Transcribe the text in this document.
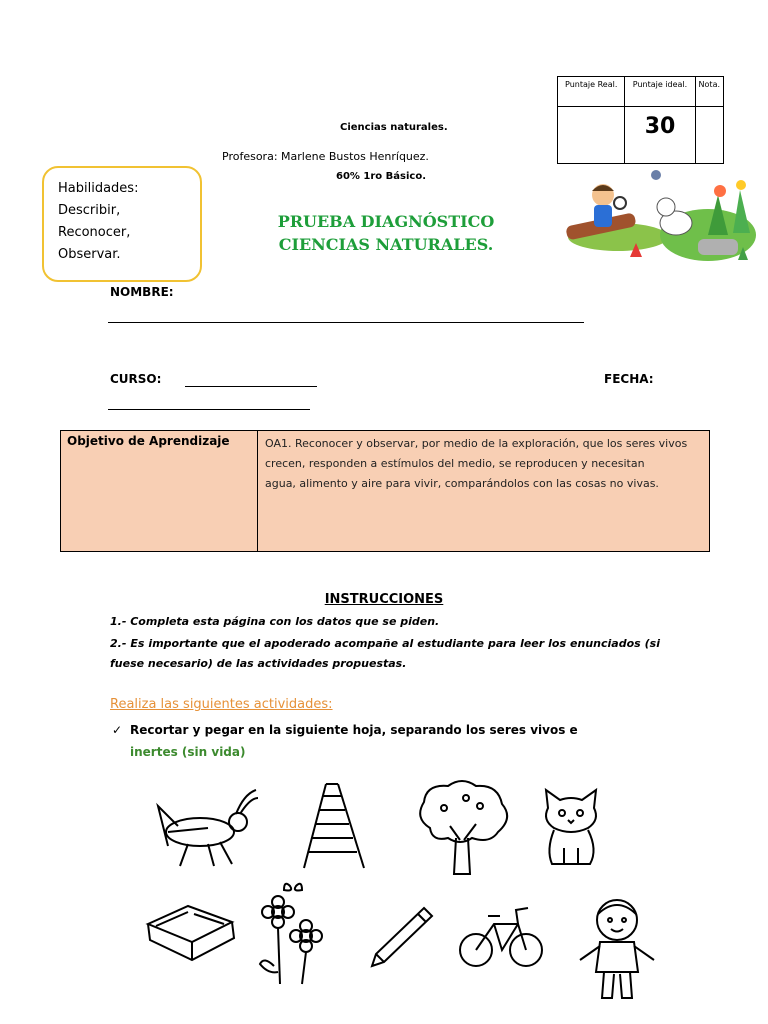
Puntaje Real.	Puntaje ideal.	Nota.
	30	
Ciencias naturales.
Profesora: Marlene Bustos Henríquez.
60% 1ro Básico.
Habilidades:
Describir,
Reconocer,
Observar.
PRUEBA DIAGNÓSTICO
CIENCIAS NATURALES.
NOMBRE:
CURSO:	FECHA:
Objetivo de Aprendizaje	OA1. Reconocer y observar, por medio de la exploración, que los seres vivos
crecen, responden a estímulos del medio, se reproducen y necesitan
agua, alimento y aire para vivir, comparándolos con las cosas no vivas.
INSTRUCCIONES
1.- Completa esta página con los datos que se piden.
2.- Es importante que el apoderado acompañe al estudiante para leer los enunciados (si fuese necesario) de las actividades propuestas.
Realiza las siguientes actividades:
✓ Recortar y pegar en la siguiente hoja, separando los seres vivos e
inertes (sin vida)
